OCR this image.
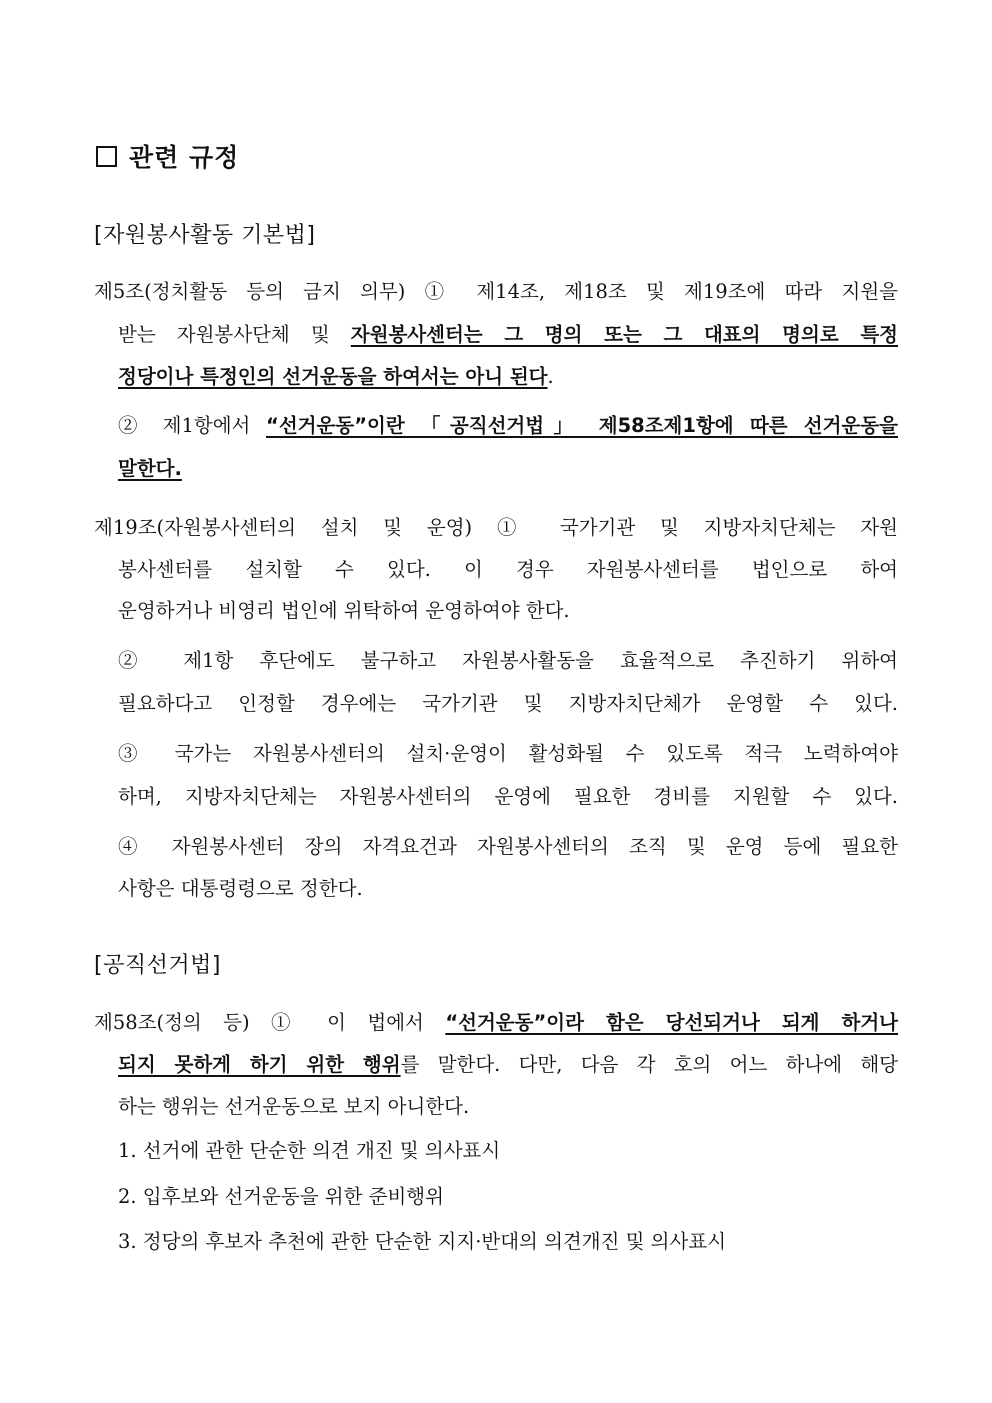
관련 규정
[자원봉사활동 기본법]
제5조(정치활동 등의 금지 의무) ① 제14조, 제18조 및 제19조에 따라 지원을
받는 자원봉사단체 및 자원봉사센터는 그 명의 또는 그 대표의 명의로 특정
정당이나 특정인의 선거운동을 하여서는 아니 된다.
② 제1항에서 “선거운동”이란 「공직선거법」 제58조제1항에 따른 선거운동을
말한다.
제19조(자원봉사센터의 설치 및 운영) ① 국가기관 및 지방자치단체는 자원
봉사센터를 설치할 수 있다. 이 경우 자원봉사센터를 법인으로 하여
운영하거나 비영리 법인에 위탁하여 운영하여야 한다.
② 제1항 후단에도 불구하고 자원봉사활동을 효율적으로 추진하기 위하여
필요하다고 인정할 경우에는 국가기관 및 지방자치단체가 운영할 수 있다.
③ 국가는 자원봉사센터의 설치·운영이 활성화될 수 있도록 적극 노력하여야
하며, 지방자치단체는 자원봉사센터의 운영에 필요한 경비를 지원할 수 있다.
④ 자원봉사센터 장의 자격요건과 자원봉사센터의 조직 및 운영 등에 필요한
사항은 대통령령으로 정한다.
[공직선거법]
제58조(정의 등) ① 이 법에서 “선거운동”이라 함은 당선되거나 되게 하거나
되지 못하게 하기 위한 행위를 말한다. 다만, 다음 각 호의 어느 하나에 해당
하는 행위는 선거운동으로 보지 아니한다.
1. 선거에 관한 단순한 의견 개진 및 의사표시
2. 입후보와 선거운동을 위한 준비행위
3. 정당의 후보자 추천에 관한 단순한 지지·반대의 의견개진 및 의사표시
